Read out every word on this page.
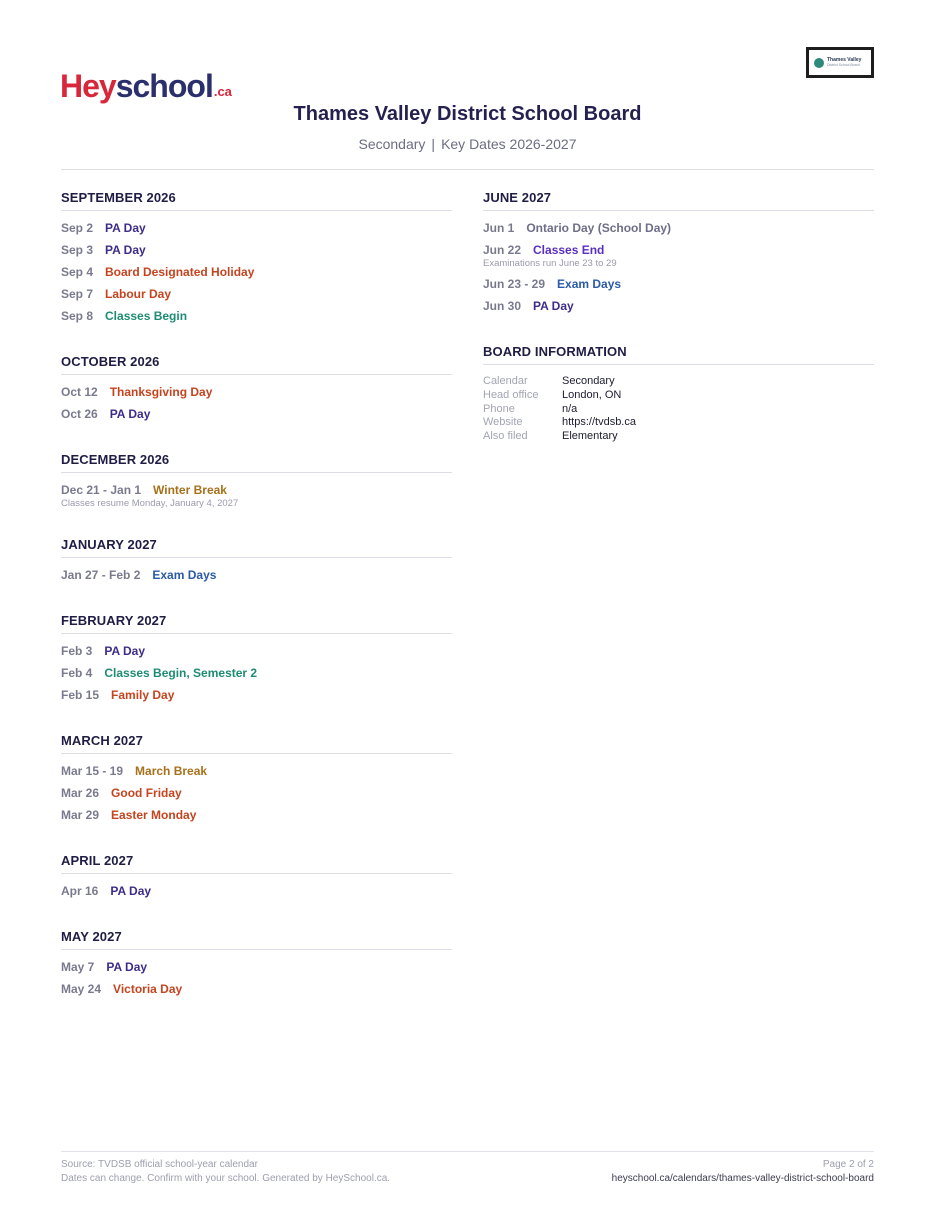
Hey school .ca
Thames Valley
District School Board
Thames Valley District School Board
Secondary | Key Dates 2026-2027
SEPTEMBER 2026
Sep 2 PA Day
Sep 3 PA Day
Sep 4 Board Designated Holiday
Sep 7 Labour Day
Sep 8 Classes Begin
OCTOBER 2026
Oct 12 Thanksgiving Day
Oct 26 PA Day
DECEMBER 2026
Dec 21 - Jan 1 Winter Break
Classes resume Monday, January 4, 2027
JANUARY 2027
Jan 27 - Feb 2 Exam Days
FEBRUARY 2027
Feb 3 PA Day
Feb 4 Classes Begin, Semester 2
Feb 15 Family Day
MARCH 2027
Mar 15 - 19 March Break
Mar 26 Good Friday
Mar 29 Easter Monday
APRIL 2027
Apr 16 PA Day
MAY 2027
May 7 PA Day
May 24 Victoria Day
JUNE 2027
Jun 1 Ontario Day (School Day)
Jun 22 Classes End
Examinations run June 23 to 29
Jun 23 - 29 Exam Days
Jun 30 PA Day
BOARD INFORMATION
Calendar	Secondary
Head office	London, ON
Phone	n/a
Website	https://tvdsb.ca
Also filed	Elementary
Source: TVDSB official school-year calendar
Dates can change. Confirm with your school. Generated by HeySchool.ca.
Page 2 of 2
heyschool.ca/calendars/thames-valley-district-school-board
